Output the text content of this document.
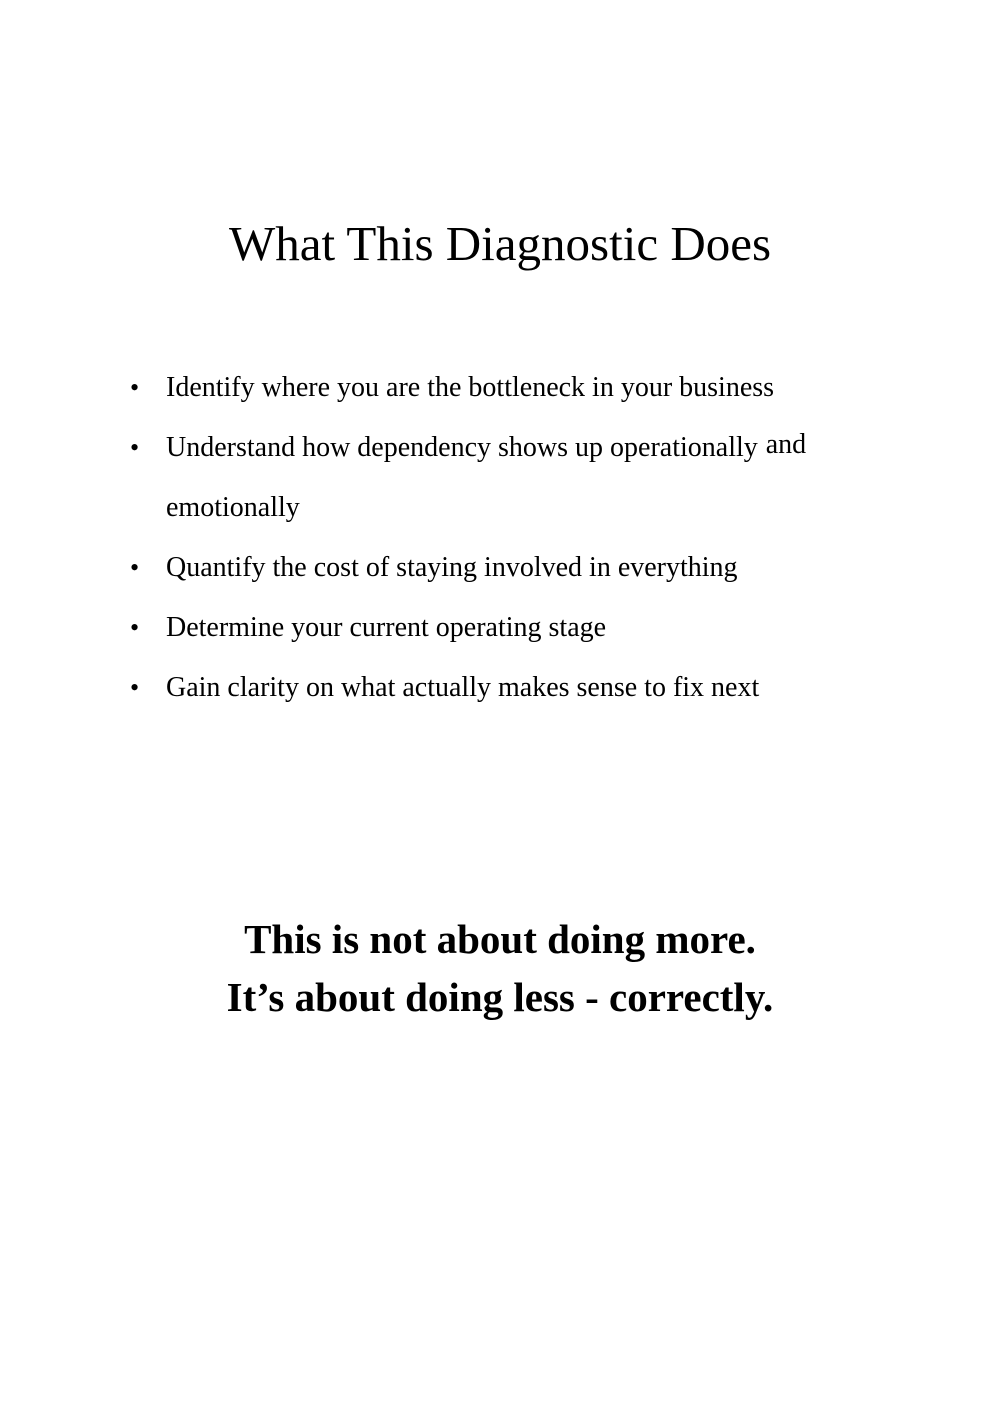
What This Diagnostic Does
• Identify where you are the bottleneck in your business
• Understand how dependency shows up operationally and
emotionally
• Quantify the cost of staying involved in everything
• Determine your current operating stage
• Gain clarity on what actually makes sense to fix next
This is not about doing more.
It’s about doing less - correctly.
